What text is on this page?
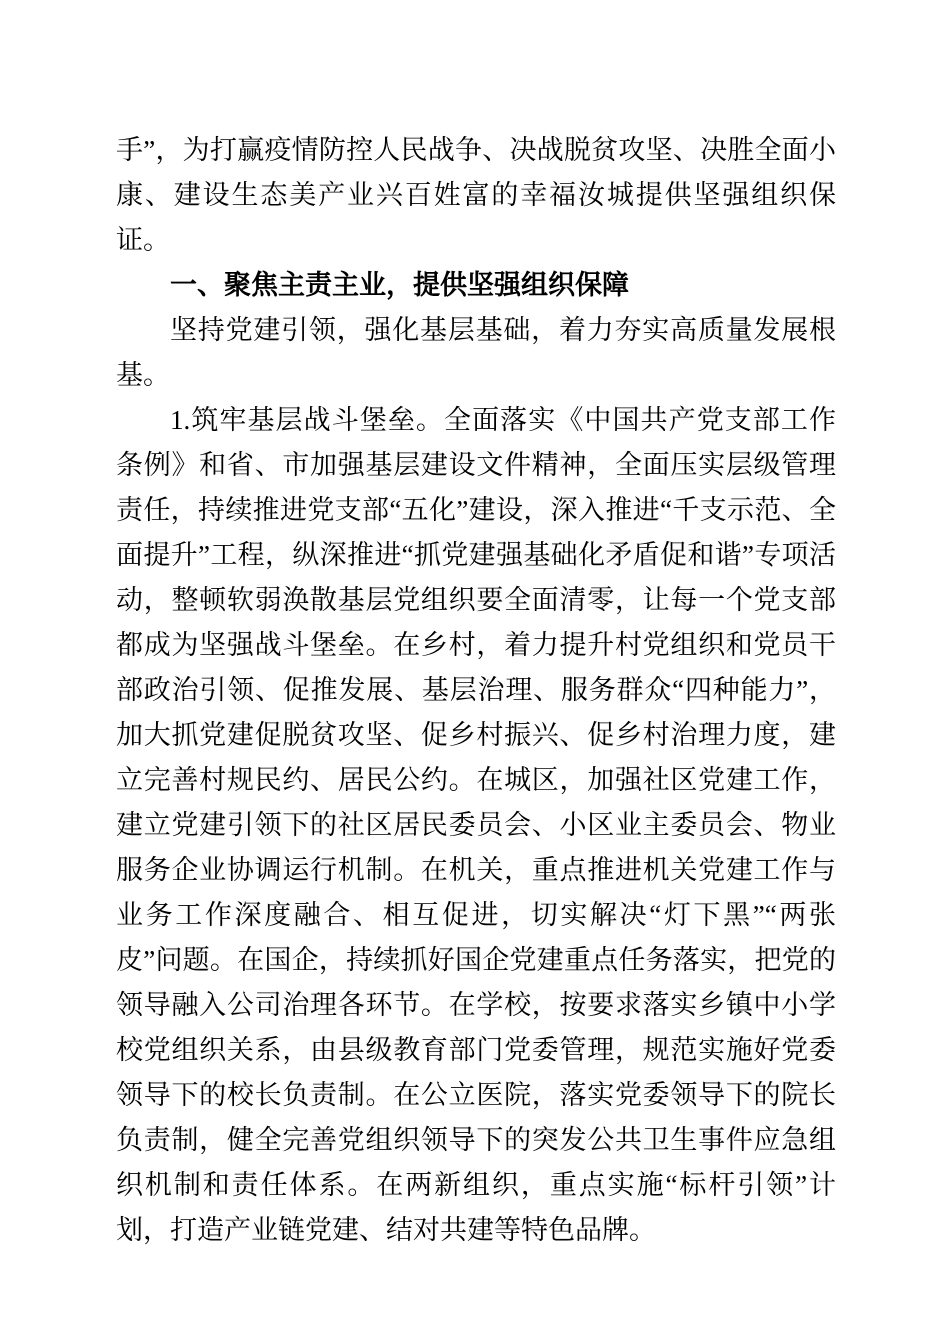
手”，为打赢疫情防控人民战争、决战脱贫攻坚、决胜全面小康、建设生态美产业兴百姓富的幸福汝城提供坚强组织保证。

一、聚焦主责主业，提供坚强组织保障

坚持党建引领，强化基层基础，着力夯实高质量发展根基。

1.筑牢基层战斗堡垒。全面落实《中国共产党支部工作条例》和省、市加强基层建设文件精神，全面压实层级管理责任，持续推进党支部“五化”建设，深入推进“千支示范、全面提升”工程，纵深推进“抓党建强基础化矛盾促和谐”专项活动，整顿软弱涣散基层党组织要全面清零，让每一个党支部都成为坚强战斗堡垒。在乡村，着力提升村党组织和党员干部政治引领、促推发展、基层治理、服务群众“四种能力”，加大抓党建促脱贫攻坚、促乡村振兴、促乡村治理力度，建立完善村规民约、居民公约。在城区，加强社区党建工作，建立党建引领下的社区居民委员会、小区业主委员会、物业服务企业协调运行机制。在机关，重点推进机关党建工作与业务工作深度融合、相互促进，切实解决“灯下黑”“两张皮”问题。在国企，持续抓好国企党建重点任务落实，把党的领导融入公司治理各环节。在学校，按要求落实乡镇中小学校党组织关系，由县级教育部门党委管理，规范实施好党委领导下的校长负责制。在公立医院，落实党委领导下的院长负责制，健全完善党组织领导下的突发公共卫生事件应急组织机制和责任体系。在两新组织，重点实施“标杆引领”计划，打造产业链党建、结对共建等特色品牌。
